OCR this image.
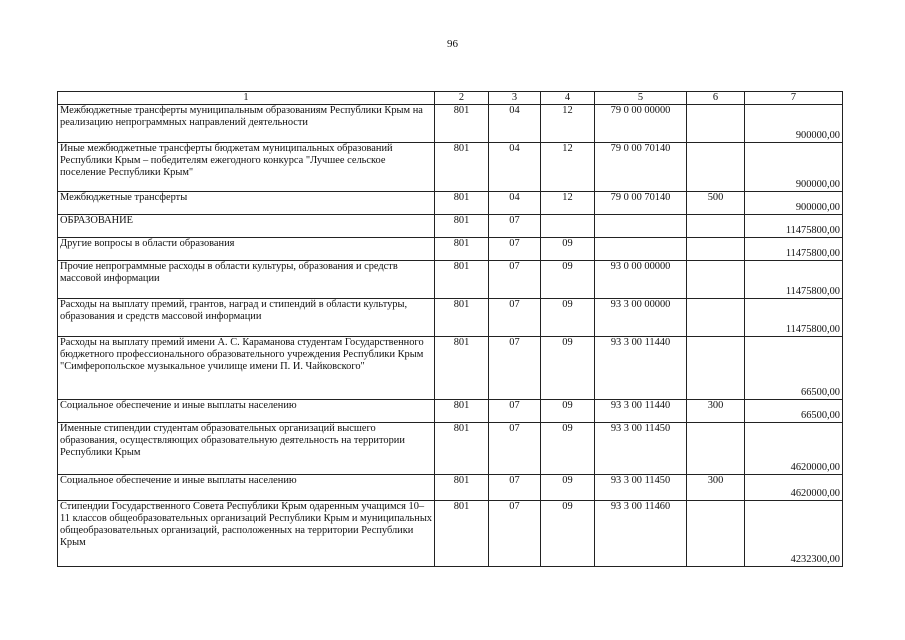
96
1	2	3	4	5	6	7
Межбюджетные трансферты муниципальным образованиям Республики Крым на реализацию непрограммных направлений деятельности	801	04	12	79 0 00 00000		900000,00
Иные межбюджетные трансферты бюджетам муниципальных образований Республики Крым – победителям ежегодного конкурса "Лучшее сельское поселение Республики Крым"	801	04	12	79 0 00 70140		900000,00
Межбюджетные трансферты	801	04	12	79 0 00 70140	500	900000,00
ОБРАЗОВАНИЕ	801	07				11475800,00
Другие вопросы в области образования	801	07	09			11475800,00
Прочие непрограммные расходы в области культуры, образования и средств массовой информации	801	07	09	93 0 00 00000		11475800,00
Расходы на выплату премий, грантов, наград и стипендий в области культуры, образования и средств массовой информации	801	07	09	93 3 00 00000		11475800,00
Расходы на выплату премий имени А. С. Караманова студентам Государственного бюджетного профессионального образовательного учреждения Республики Крым "Симферопольское музыкальное училище имени П. И. Чайковского"	801	07	09	93 3 00 11440		66500,00
Социальное обеспечение и иные выплаты населению	801	07	09	93 3 00 11440	300	66500,00
Именные стипендии студентам образовательных организаций высшего образования, осуществляющих образовательную деятельность на территории Республики Крым	801	07	09	93 3 00 11450		4620000,00
Социальное обеспечение и иные выплаты населению	801	07	09	93 3 00 11450	300	4620000,00
Стипендии Государственного Совета Республики Крым одаренным учащимся 10–11 классов общеобразовательных организаций Республики Крым и муниципальных общеобразовательных организаций, расположенных на территории Республики Крым	801	07	09	93 3 00 11460		4232300,00
